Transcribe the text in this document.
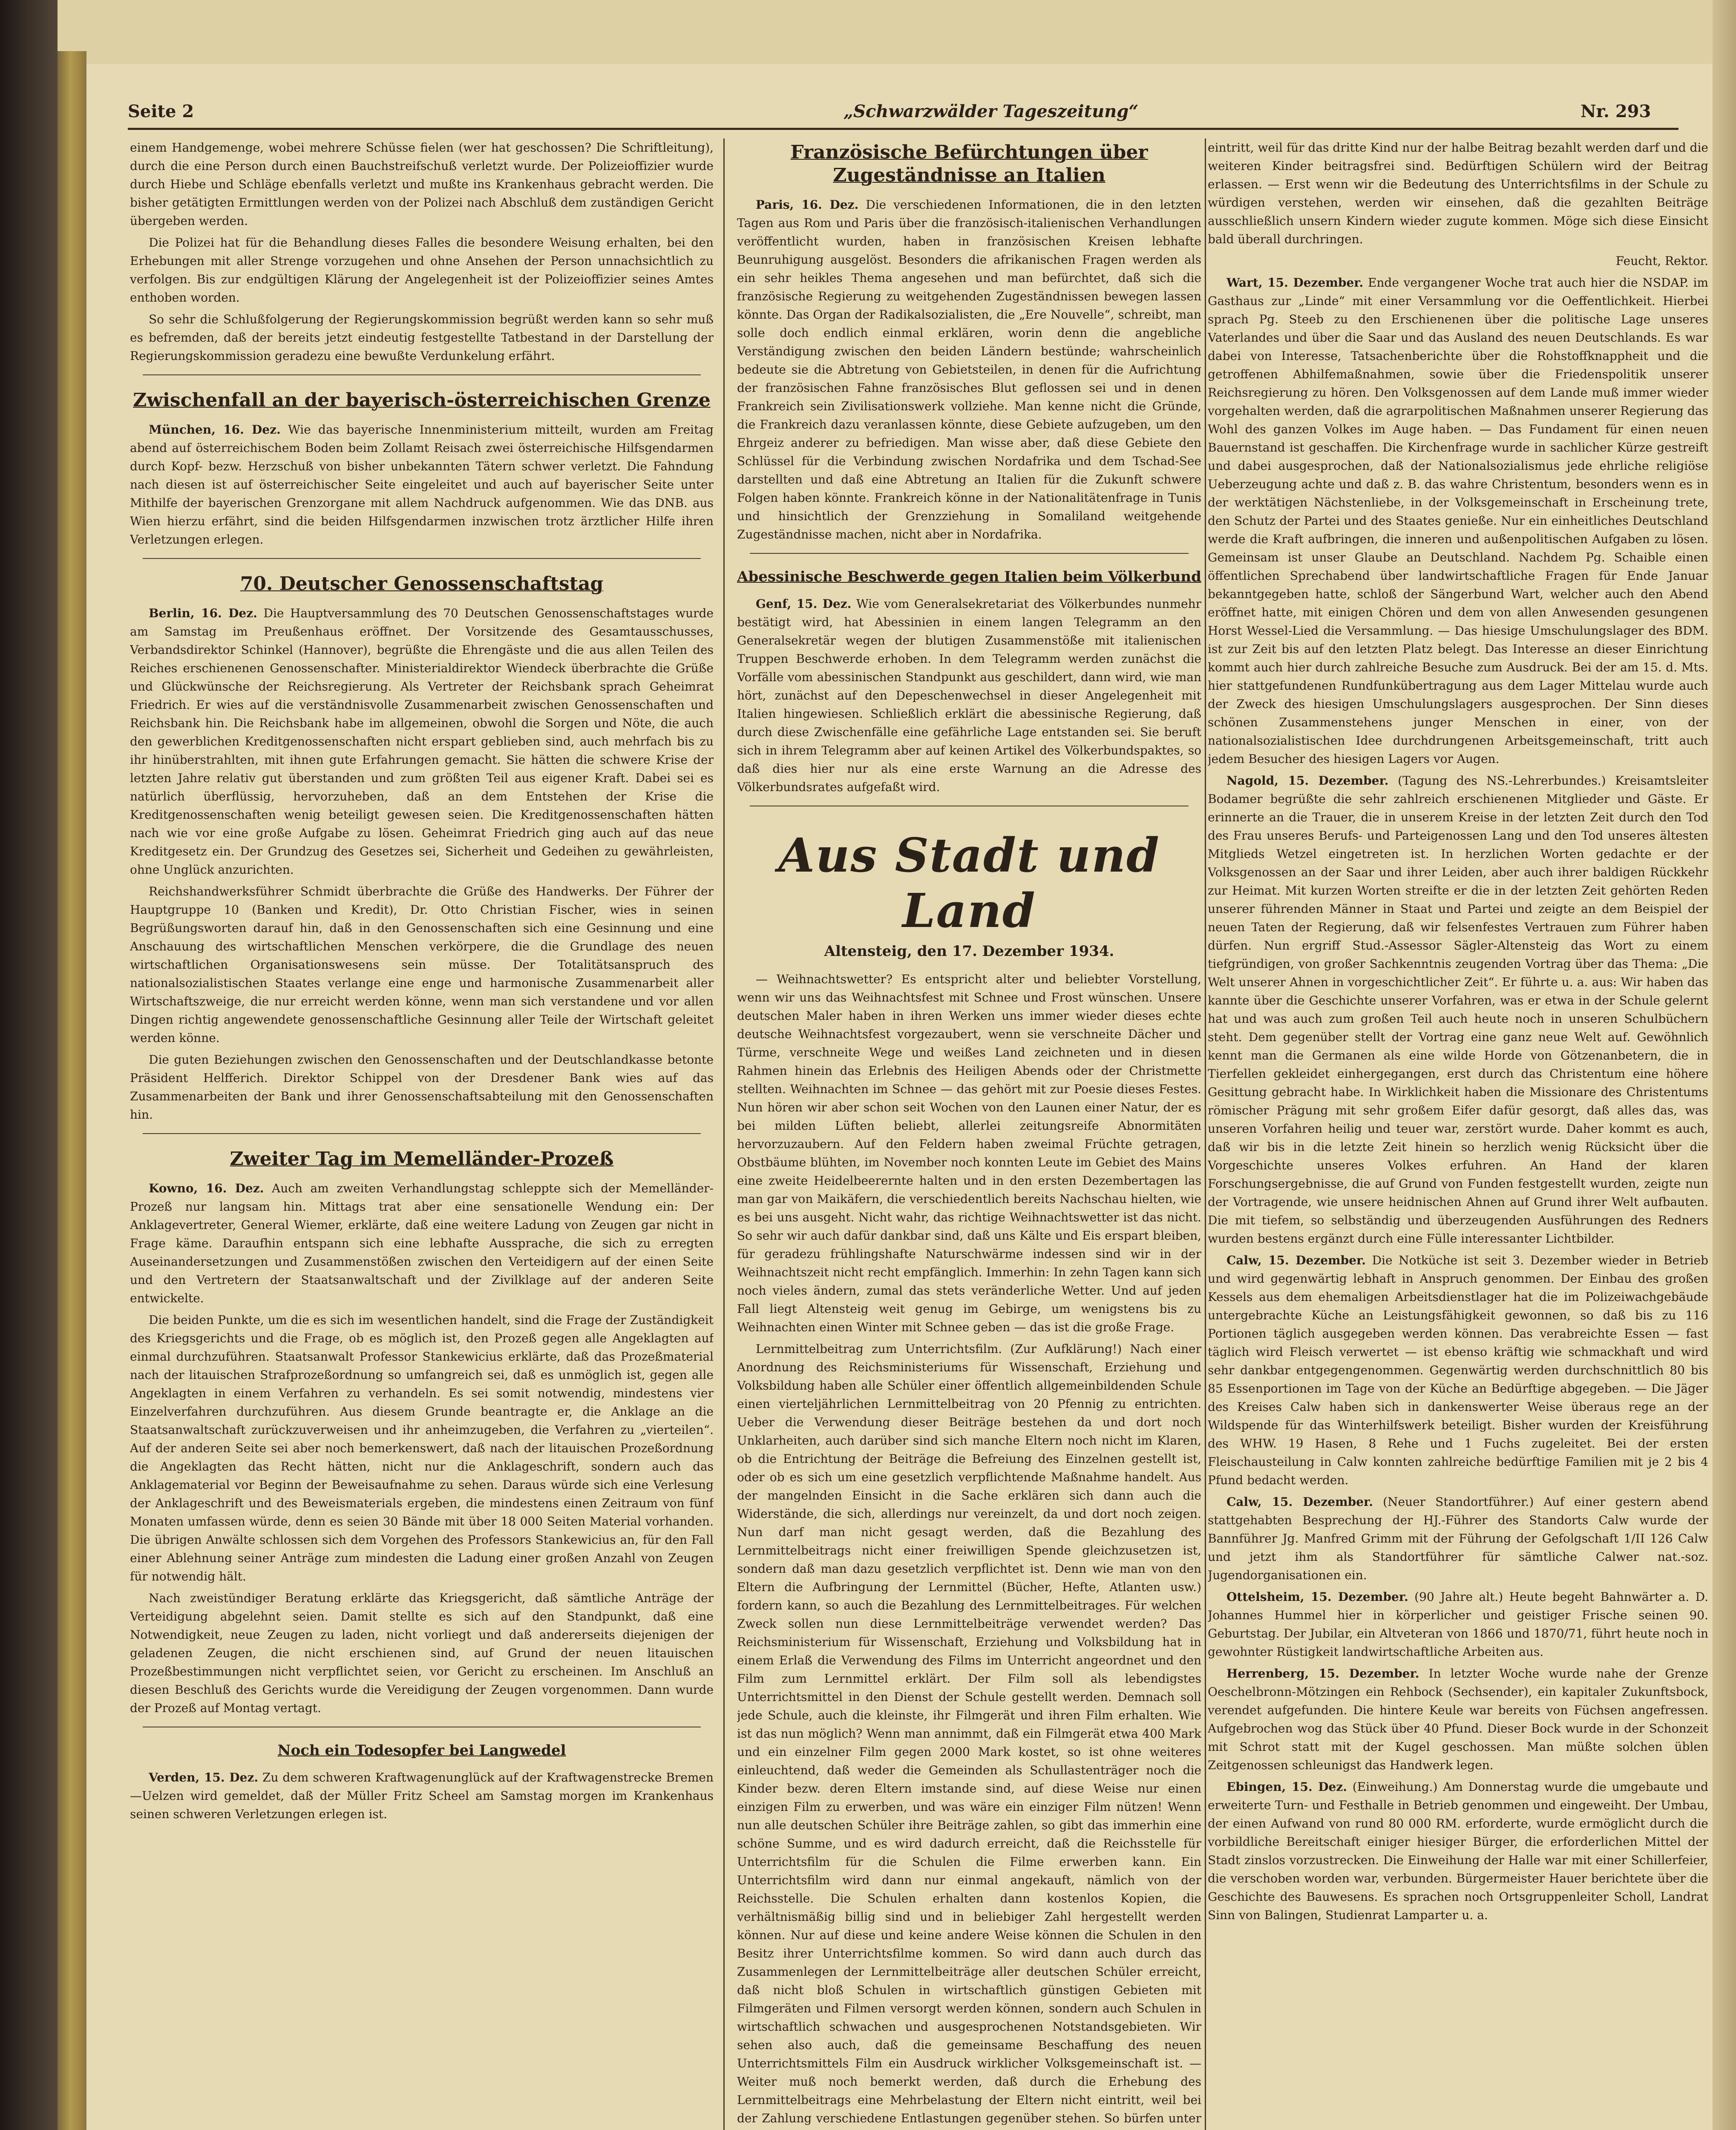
Seite 2	„Schwarzwälder Tageszeitung“	Nr. 293

einem Handgemenge, wobei mehrere Schüsse fielen (wer hat geschossen? Die Schriftleitung), durch die eine Person durch einen Bauchstreifschuß verletzt wurde. Der Polizeioffizier wurde durch Hiebe und Schläge ebenfalls verletzt und mußte ins Krankenhaus gebracht werden. Die bisher getätigten Ermittlungen werden von der Polizei nach Abschluß dem zuständigen Gericht übergeben werden.

Die Polizei hat für die Behandlung dieses Falles die besondere Weisung erhalten, bei den Erhebungen mit aller Strenge vorzugehen und ohne Ansehen der Person unnachsichtlich zu verfolgen. Bis zur endgültigen Klärung der Angelegenheit ist der Polizeioffizier seines Amtes enthoben worden.

So sehr die Schlußfolgerung der Regierungskommission begrüßt werden kann so sehr muß es befremden, daß der bereits jetzt eindeutig festgestellte Tatbestand in der Darstellung der Regierungskommission geradezu eine bewußte Verdunkelung erfährt.

Zwischenfall an der bayerisch-österreichischen Grenze

München, 16. Dez. Wie das bayerische Innenministerium mitteilt, wurden am Freitag abend auf österreichischem Boden beim Zollamt Reisach zwei österreichische Hilfsgendarmen durch Kopf- bezw. Herzschuß von bisher unbekannten Tätern schwer verletzt. Die Fahndung nach diesen ist auf österreichischer Seite eingeleitet und auch auf bayerischer Seite unter Mithilfe der bayerischen Grenzorgane mit allem Nachdruck aufgenommen. Wie das DNB. aus Wien hierzu erfährt, sind die beiden Hilfsgendarmen inzwischen trotz ärztlicher Hilfe ihren Verletzungen erlegen.

70. Deutscher Genossenschaftstag

Berlin, 16. Dez. Die Hauptversammlung des 70 Deutschen Genossenschaftstages wurde am Samstag im Preußenhaus eröffnet. Der Vorsitzende des Gesamtausschusses, Verbandsdirektor Schinkel (Hannover), begrüßte die Ehrengäste und die aus allen Teilen des Reiches erschienenen Genossenschafter. Ministerialdirektor Wiendeck überbrachte die Grüße und Glückwünsche der Reichsregierung. Als Vertreter der Reichsbank sprach Geheimrat Friedrich. Er wies auf die verständnisvolle Zusammenarbeit zwischen Genossenschaften und Reichsbank hin. Die Reichsbank habe im allgemeinen, obwohl die Sorgen und Nöte, die auch den gewerblichen Kreditgenossenschaften nicht erspart geblieben sind, auch mehrfach bis zu ihr hinüberstrahlten, mit ihnen gute Erfahrungen gemacht. Sie hätten die schwere Krise der letzten Jahre relativ gut überstanden und zum größten Teil aus eigener Kraft. Dabei sei es natürlich überflüssig, hervorzuheben, daß an dem Entstehen der Krise die Kreditgenossenschaften wenig beteiligt gewesen seien. Die Kreditgenossenschaften hätten nach wie vor eine große Aufgabe zu lösen. Geheimrat Friedrich ging auch auf das neue Kreditgesetz ein. Der Grundzug des Gesetzes sei, Sicherheit und Gedeihen zu gewährleisten, ohne Unglück anzurichten.

Reichshandwerksführer Schmidt überbrachte die Grüße des Handwerks. Der Führer der Hauptgruppe 10 (Banken und Kredit), Dr. Otto Christian Fischer, wies in seinen Begrüßungsworten darauf hin, daß in den Genossenschaften sich eine Gesinnung und eine Anschauung des wirtschaftlichen Menschen verkörpere, die die Grundlage des neuen wirtschaftlichen Organisationswesens sein müsse. Der Totalitätsanspruch des nationalsozialistischen Staates verlange eine enge und harmonische Zusammenarbeit aller Wirtschaftszweige, die nur erreicht werden könne, wenn man sich verstandene und vor allen Dingen richtig angewendete genossenschaftliche Gesinnung aller Teile der Wirtschaft geleitet werden könne.

Die guten Beziehungen zwischen den Genossenschaften und der Deutschlandkasse betonte Präsident Helfferich. Direktor Schippel von der Dresdener Bank wies auf das Zusammenarbeiten der Bank und ihrer Genossenschaftsabteilung mit den Genossenschaften hin.

Zweiter Tag im Memelländer-Prozeß

Kowno, 16. Dez. Auch am zweiten Verhandlungstag schleppte sich der Memelländer-Prozeß nur langsam hin. Mittags trat aber eine sensationelle Wendung ein: Der Anklagevertreter, General Wiemer, erklärte, daß eine weitere Ladung von Zeugen gar nicht in Frage käme. Daraufhin entspann sich eine lebhafte Aussprache, die sich zu erregten Auseinandersetzungen und Zusammenstößen zwischen den Verteidigern auf der einen Seite und den Vertretern der Staatsanwaltschaft und der Zivilklage auf der anderen Seite entwickelte.

Die beiden Punkte, um die es sich im wesentlichen handelt, sind die Frage der Zuständigkeit des Kriegsgerichts und die Frage, ob es möglich ist, den Prozeß gegen alle Angeklagten auf einmal durchzuführen. Staatsanwalt Professor Stankewicius erklärte, daß das Prozeßmaterial nach der litauischen Strafprozeßordnung so umfangreich sei, daß es unmöglich ist, gegen alle Angeklagten in einem Verfahren zu verhandeln. Es sei somit notwendig, mindestens vier Einzelverfahren durchzuführen. Aus diesem Grunde beantragte er, die Anklage an die Staatsanwaltschaft zurückzuverweisen und ihr anheimzugeben, die Verfahren zu „vierteilen“. Auf der anderen Seite sei aber noch bemerkenswert, daß nach der litauischen Prozeßordnung die Angeklagten das Recht hätten, nicht nur die Anklageschrift, sondern auch das Anklagematerial vor Beginn der Beweisaufnahme zu sehen. Daraus würde sich eine Verlesung der Anklageschrift und des Beweismaterials ergeben, die mindestens einen Zeitraum von fünf Monaten umfassen würde, denn es seien 30 Bände mit über 18 000 Seiten Material vorhanden. Die übrigen Anwälte schlossen sich dem Vorgehen des Professors Stankewicius an, für den Fall einer Ablehnung seiner Anträge zum mindesten die Ladung einer großen Anzahl von Zeugen für notwendig hält.

Nach zweistündiger Beratung erklärte das Kriegsgericht, daß sämtliche Anträge der Verteidigung abgelehnt seien. Damit stellte es sich auf den Standpunkt, daß eine Notwendigkeit, neue Zeugen zu laden, nicht vorliegt und daß andererseits diejenigen der geladenen Zeugen, die nicht erschienen sind, auf Grund der neuen litauischen Prozeßbestimmungen nicht verpflichtet seien, vor Gericht zu erscheinen. Im Anschluß an diesen Beschluß des Gerichts wurde die Vereidigung der Zeugen vorgenommen. Dann wurde der Prozeß auf Montag vertagt.

Noch ein Todesopfer bei Langwedel

Verden, 15. Dez. Zu dem schweren Kraftwagenunglück auf der Kraftwagenstrecke Bremen—Uelzen wird gemeldet, daß der Müller Fritz Scheel am Samstag morgen im Krankenhaus seinen schweren Verletzungen erlegen ist.

Französische Befürchtungen über Zugeständnisse an Italien

Paris, 16. Dez. Die verschiedenen Informationen, die in den letzten Tagen aus Rom und Paris über die französisch-italienischen Verhandlungen veröffentlicht wurden, haben in französischen Kreisen lebhafte Beunruhigung ausgelöst. Besonders die afrikanischen Fragen werden als ein sehr heikles Thema angesehen und man befürchtet, daß sich die französische Regierung zu weitgehenden Zugeständnissen bewegen lassen könnte. Das Organ der Radikalsozialisten, die „Ere Nouvelle“, schreibt, man solle doch endlich einmal erklären, worin denn die angebliche Verständigung zwischen den beiden Ländern bestünde; wahrscheinlich bedeute sie die Abtretung von Gebietsteilen, in denen für die Aufrichtung der französischen Fahne französisches Blut geflossen sei und in denen Frankreich sein Zivilisationswerk vollziehe. Man kenne nicht die Gründe, die Frankreich dazu veranlassen könnte, diese Gebiete aufzugeben, um den Ehrgeiz anderer zu befriedigen. Man wisse aber, daß diese Gebiete den Schlüssel für die Verbindung zwischen Nordafrika und dem Tschad-See darstellten und daß eine Abtretung an Italien für die Zukunft schwere Folgen haben könnte. Frankreich könne in der Nationalitätenfrage in Tunis und hinsichtlich der Grenzziehung in Somaliland weitgehende Zugeständnisse machen, nicht aber in Nordafrika.

Abessinische Beschwerde gegen Italien beim Völkerbund

Genf, 15. Dez. Wie vom Generalsekretariat des Völkerbundes nunmehr bestätigt wird, hat Abessinien in einem langen Telegramm an den Generalsekretär wegen der blutigen Zusammenstöße mit italienischen Truppen Beschwerde erhoben. In dem Telegramm werden zunächst die Vorfälle vom abessinischen Standpunkt aus geschildert, dann wird, wie man hört, zunächst auf den Depeschenwechsel in dieser Angelegenheit mit Italien hingewiesen. Schließlich erklärt die abessinische Regierung, daß durch diese Zwischenfälle eine gefährliche Lage entstanden sei. Sie beruft sich in ihrem Telegramm aber auf keinen Artikel des Völkerbundspaktes, so daß dies hier nur als eine erste Warnung an die Adresse des Völkerbundsrates aufgefaßt wird.

Aus Stadt und Land
Altensteig, den 17. Dezember 1934.

— Weihnachtswetter? Es entspricht alter und beliebter Vorstellung, wenn wir uns das Weihnachtsfest mit Schnee und Frost wünschen. Unsere deutschen Maler haben in ihren Werken uns immer wieder dieses echte deutsche Weihnachtsfest vorgezaubert, wenn sie verschneite Dächer und Türme, verschneite Wege und weißes Land zeichneten und in diesen Rahmen hinein das Erlebnis des Heiligen Abends oder der Christmette stellten. Weihnachten im Schnee — das gehört mit zur Poesie dieses Festes. Nun hören wir aber schon seit Wochen von den Launen einer Natur, der es bei milden Lüften beliebt, allerlei zeitungsreife Abnormitäten hervorzuzaubern. Auf den Feldern haben zweimal Früchte getragen, Obstbäume blühten, im November noch konnten Leute im Gebiet des Mains eine zweite Heidelbeerernte halten und in den ersten Dezembertagen las man gar von Maikäfern, die verschiedentlich bereits Nachschau hielten, wie es bei uns ausgeht. Nicht wahr, das richtige Weihnachtswetter ist das nicht. So sehr wir auch dafür dankbar sind, daß uns Kälte und Eis erspart bleiben, für geradezu frühlingshafte Naturschwärme indessen sind wir in der Weihnachtszeit nicht recht empfänglich. Immerhin: In zehn Tagen kann sich noch vieles ändern, zumal das stets veränderliche Wetter. Und auf jeden Fall liegt Altensteig weit genug im Gebirge, um wenigstens bis zu Weihnachten einen Winter mit Schnee geben — das ist die große Frage.

Lernmittelbeitrag zum Unterrichtsfilm. (Zur Aufklärung!) Nach einer Anordnung des Reichsministeriums für Wissenschaft, Erziehung und Volksbildung haben alle Schüler einer öffentlich allgemeinbildenden Schule einen vierteljährlichen Lernmittelbeitrag von 20 Pfennig zu entrichten. Ueber die Verwendung dieser Beiträge bestehen da und dort noch Unklarheiten, auch darüber sind sich manche Eltern noch nicht im Klaren, ob die Entrichtung der Beiträge die Befreiung des Einzelnen gestellt ist, oder ob es sich um eine gesetzlich verpflichtende Maßnahme handelt. Aus der mangelnden Einsicht in die Sache erklären sich dann auch die Widerstände, die sich, allerdings nur vereinzelt, da und dort noch zeigen. Nun darf man nicht gesagt werden, daß die Bezahlung des Lernmittelbeitrags nicht einer freiwilligen Spende gleichzusetzen ist, sondern daß man dazu gesetzlich verpflichtet ist. Denn wie man von den Eltern die Aufbringung der Lernmittel (Bücher, Hefte, Atlanten usw.) fordern kann, so auch die Bezahlung des Lernmittelbeitrages. Für welchen Zweck sollen nun diese Lernmittelbeiträge verwendet werden? Das Reichsministerium für Wissenschaft, Erziehung und Volksbildung hat in einem Erlaß die Verwendung des Films im Unterricht angeordnet und den Film zum Lernmittel erklärt. Der Film soll als lebendigstes Unterrichtsmittel in den Dienst der Schule gestellt werden. Demnach soll jede Schule, auch die kleinste, ihr Filmgerät und ihren Film erhalten. Wie ist das nun möglich? Wenn man annimmt, daß ein Filmgerät etwa 400 Mark und ein einzelner Film gegen 2000 Mark kostet, so ist ohne weiteres einleuchtend, daß weder die Gemeinden als Schullastenträger noch die Kinder bezw. deren Eltern imstande sind, auf diese Weise nur einen einzigen Film zu erwerben, und was wäre ein einziger Film nützen! Wenn nun alle deutschen Schüler ihre Beiträge zahlen, so gibt das immerhin eine schöne Summe, und es wird dadurch erreicht, daß die Reichsstelle für Unterrichtsfilm für die Schulen die Filme erwerben kann. Ein Unterrichtsfilm wird dann nur einmal angekauft, nämlich von der Reichsstelle. Die Schulen erhalten dann kostenlos Kopien, die verhältnismäßig billig sind und in beliebiger Zahl hergestellt werden können. Nur auf diese und keine andere Weise können die Schulen in den Besitz ihrer Unterrichtsfilme kommen. So wird dann auch durch das Zusammenlegen der Lernmittelbeiträge aller deutschen Schüler erreicht, daß nicht bloß Schulen in wirtschaftlich günstigen Gebieten mit Filmgeräten und Filmen versorgt werden können, sondern auch Schulen in wirtschaftlich schwachen und ausgesprochenen Notstandsgebieten. Wir sehen also auch, daß die gemeinsame Beschaffung des neuen Unterrichtsmittels Film ein Ausdruck wirklicher Volksgemeinschaft ist. — Weiter muß noch bemerkt werden, daß durch die Erhebung des Lernmittelbeitrags eine Mehrbelastung der Eltern nicht eintritt, weil bei der Zahlung verschiedene Entlastungen gegenüber stehen. So bürfen unter

eintritt, weil für das dritte Kind nur der halbe Beitrag bezahlt werden darf und die weiteren Kinder beitragsfrei sind. Bedürftigen Schülern wird der Beitrag erlassen. — Erst wenn wir die Bedeutung des Unterrichtsfilms in der Schule zu würdigen verstehen, werden wir einsehen, daß die gezahlten Beiträge ausschließlich unsern Kindern wieder zugute kommen. Möge sich diese Einsicht bald überall durchringen.

Feucht, Rektor.

Wart, 15. Dezember. Ende vergangener Woche trat auch hier die NSDAP. im Gasthaus zur „Linde“ mit einer Versammlung vor die Oeffentlichkeit. Hierbei sprach Pg. Steeb zu den Erschienenen über die politische Lage unseres Vaterlandes und über die Saar und das Ausland des neuen Deutschlands. Es war dabei von Interesse, Tatsachenberichte über die Rohstoffknappheit und die getroffenen Abhilfemaßnahmen, sowie über die Friedenspolitik unserer Reichsregierung zu hören. Den Volksgenossen auf dem Lande muß immer wieder vorgehalten werden, daß die agrarpolitischen Maßnahmen unserer Regierung das Wohl des ganzen Volkes im Auge haben. — Das Fundament für einen neuen Bauernstand ist geschaffen. Die Kirchenfrage wurde in sachlicher Kürze gestreift und dabei ausgesprochen, daß der Nationalsozialismus jede ehrliche religiöse Ueberzeugung achte und daß z. B. das wahre Christentum, besonders wenn es in der werktätigen Nächstenliebe, in der Volksgemeinschaft in Erscheinung trete, den Schutz der Partei und des Staates genieße. Nur ein einheitliches Deutschland werde die Kraft aufbringen, die inneren und außenpolitischen Aufgaben zu lösen. Gemeinsam ist unser Glaube an Deutschland. Nachdem Pg. Schaible einen öffentlichen Sprechabend über landwirtschaftliche Fragen für Ende Januar bekanntgegeben hatte, schloß der Sängerbund Wart, welcher auch den Abend eröffnet hatte, mit einigen Chören und dem von allen Anwesenden gesungenen Horst Wessel-Lied die Versammlung. — Das hiesige Umschulungslager des BDM. ist zur Zeit bis auf den letzten Platz belegt. Das Interesse an dieser Einrichtung kommt auch hier durch zahlreiche Besuche zum Ausdruck. Bei der am 15. d. Mts. hier stattgefundenen Rundfunkübertragung aus dem Lager Mittelau wurde auch der Zweck des hiesigen Umschulungslagers ausgesprochen. Der Sinn dieses schönen Zusammenstehens junger Menschen in einer, von der nationalsozialistischen Idee durchdrungenen Arbeitsgemeinschaft, tritt auch jedem Besucher des hiesigen Lagers vor Augen.

Nagold, 15. Dezember. (Tagung des NS.-Lehrerbundes.) Kreisamtsleiter Bodamer begrüßte die sehr zahlreich erschienenen Mitglieder und Gäste. Er erinnerte an die Trauer, die in unserem Kreise in der letzten Zeit durch den Tod des Frau unseres Berufs- und Parteigenossen Lang und den Tod unseres ältesten Mitglieds Wetzel eingetreten ist. In herzlichen Worten gedachte er der Volksgenossen an der Saar und ihrer Leiden, aber auch ihrer baldigen Rückkehr zur Heimat. Mit kurzen Worten streifte er die in der letzten Zeit gehörten Reden unserer führenden Männer in Staat und Partei und zeigte an dem Beispiel der neuen Taten der Regierung, daß wir felsenfestes Vertrauen zum Führer haben dürfen. Nun ergriff Stud.-Assessor Sägler-Altensteig das Wort zu einem tiefgründigen, von großer Sachkenntnis zeugenden Vortrag über das Thema: „Die Welt unserer Ahnen in vorgeschichtlicher Zeit“. Er führte u. a. aus: Wir haben das kannte über die Geschichte unserer Vorfahren, was er etwa in der Schule gelernt hat und was auch zum großen Teil auch heute noch in unseren Schulbüchern steht. Dem gegenüber stellt der Vortrag eine ganz neue Welt auf. Gewöhnlich kennt man die Germanen als eine wilde Horde von Götzenanbetern, die in Tierfellen gekleidet einhergegangen, erst durch das Christentum eine höhere Gesittung gebracht habe. In Wirklichkeit haben die Missionare des Christentums römischer Prägung mit sehr großem Eifer dafür gesorgt, daß alles das, was unseren Vorfahren heilig und teuer war, zerstört wurde. Daher kommt es auch, daß wir bis in die letzte Zeit hinein so herzlich wenig Rücksicht über die Vorgeschichte unseres Volkes erfuhren. An Hand der klaren Forschungsergebnisse, die auf Grund von Funden festgestellt wurden, zeigte nun der Vortragende, wie unsere heidnischen Ahnen auf Grund ihrer Welt aufbauten. Die mit tiefem, so selbständig und überzeugenden Ausführungen des Redners wurden bestens ergänzt durch eine Fülle interessanter Lichtbilder.

Calw, 15. Dezember. Die Notküche ist seit 3. Dezember wieder in Betrieb und wird gegenwärtig lebhaft in Anspruch genommen. Der Einbau des großen Kessels aus dem ehemaligen Arbeitsdienstlager hat die im Polizeiwachgebäude untergebrachte Küche an Leistungsfähigkeit gewonnen, so daß bis zu 116 Portionen täglich ausgegeben werden können. Das verabreichte Essen — fast täglich wird Fleisch verwertet — ist ebenso kräftig wie schmackhaft und wird sehr dankbar entgegengenommen. Gegenwärtig werden durchschnittlich 80 bis 85 Essenportionen im Tage von der Küche an Bedürftige abgegeben. — Die Jäger des Kreises Calw haben sich in dankenswerter Weise überaus rege an der Wildspende für das Winterhilfswerk beteiligt. Bisher wurden der Kreisführung des WHW. 19 Hasen, 8 Rehe und 1 Fuchs zugeleitet. Bei der ersten Fleischausteilung in Calw konnten zahlreiche bedürftige Familien mit je 2 bis 4 Pfund bedacht werden.

Calw, 15. Dezember. (Neuer Standortführer.) Auf einer gestern abend stattgehabten Besprechung der HJ.-Führer des Standorts Calw wurde der Bannführer Jg. Manfred Grimm mit der Führung der Gefolgschaft 1/II 126 Calw und jetzt ihm als Standortführer für sämtliche Calwer nat.-soz. Jugendorganisationen ein.

Ottelsheim, 15. Dezember. (90 Jahre alt.) Heute begeht Bahnwärter a. D. Johannes Hummel hier in körperlicher und geistiger Frische seinen 90. Geburtstag. Der Jubilar, ein Altveteran von 1866 und 1870/71, führt heute noch in gewohnter Rüstigkeit landwirtschaftliche Arbeiten aus.

Herrenberg, 15. Dezember. In letzter Woche wurde nahe der Grenze Oeschelbronn-Mötzingen ein Rehbock (Sechsender), ein kapitaler Zukunftsbock, verendet aufgefunden. Die hintere Keule war bereits von Füchsen angefressen. Aufgebrochen wog das Stück über 40 Pfund. Dieser Bock wurde in der Schonzeit mit Schrot statt mit der Kugel geschossen. Man müßte solchen üblen Zeitgenossen schleunigst das Handwerk legen.

Ebingen, 15. Dez. (Einweihung.) Am Donnerstag wurde die umgebaute und erweiterte Turn- und Festhalle in Betrieb genommen und eingeweiht. Der Umbau, der einen Aufwand von rund 80 000 RM. erforderte, wurde ermöglicht durch die vorbildliche Bereitschaft einiger hiesiger Bürger, die erforderlichen Mittel der Stadt zinslos vorzustrecken. Die Einweihung der Halle war mit einer Schillerfeier, die verschoben worden war, verbunden. Bürgermeister Hauer berichtete über die Geschichte des Bauwesens. Es sprachen noch Ortsgruppenleiter Scholl, Landrat Sinn von Balingen, Studienrat Lamparter u. a.
